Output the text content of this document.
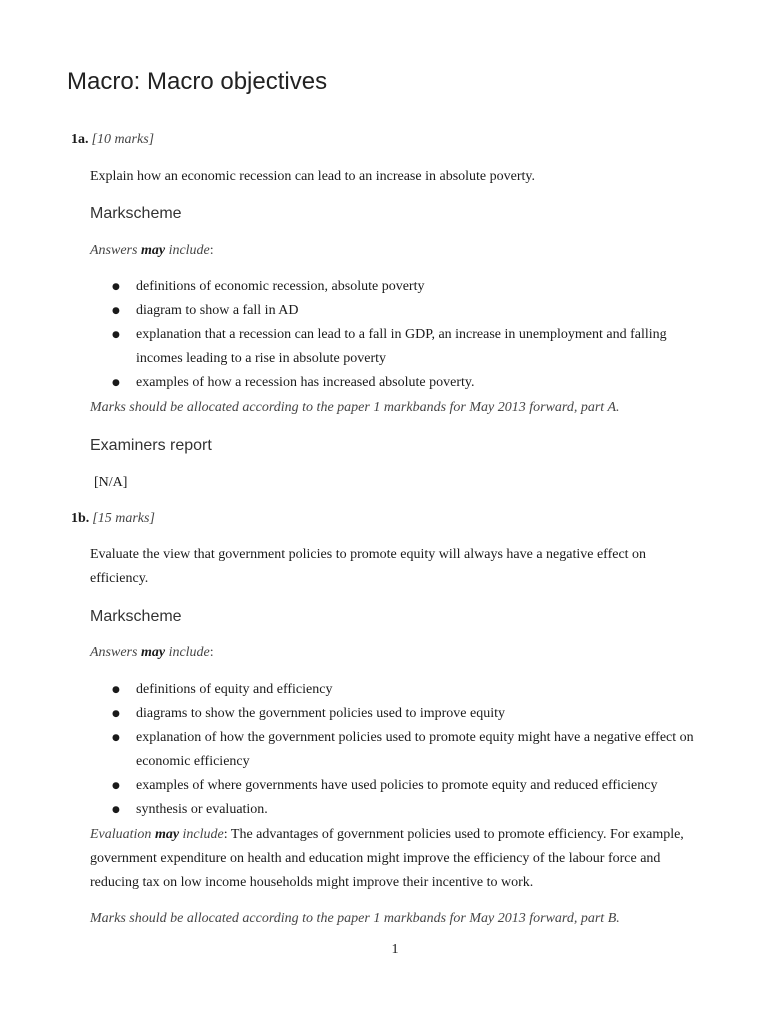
Macro: Macro objectives
1a. [10 marks]

Explain how an economic recession can lead to an increase in absolute poverty.

Markscheme
Answers may include:
● definitions of economic recession, absolute poverty
● diagram to show a fall in AD
● explanation that a recession can lead to a fall in GDP, an increase in unemployment and falling incomes leading to a rise in absolute poverty
● examples of how a recession has increased absolute poverty.
Marks should be allocated according to the paper 1 markbands for May 2013 forward, part A.
Examiners report
[N/A]
1b. [15 marks]

Evaluate the view that government policies to promote equity will always have a negative effect on efficiency.

Markscheme
Answers may include:
● definitions of equity and efficiency
● diagrams to show the government policies used to improve equity
● explanation of how the government policies used to promote equity might have a negative effect on economic efficiency
● examples of where governments have used policies to promote equity and reduced efficiency
● synthesis or evaluation.

Evaluation may include: The advantages of government policies used to promote efficiency. For example, government expenditure on health and education might improve the efficiency of the labour force and reducing tax on low income households might improve their incentive to work.

Marks should be allocated according to the paper 1 markbands for May 2013 forward, part B.
1
